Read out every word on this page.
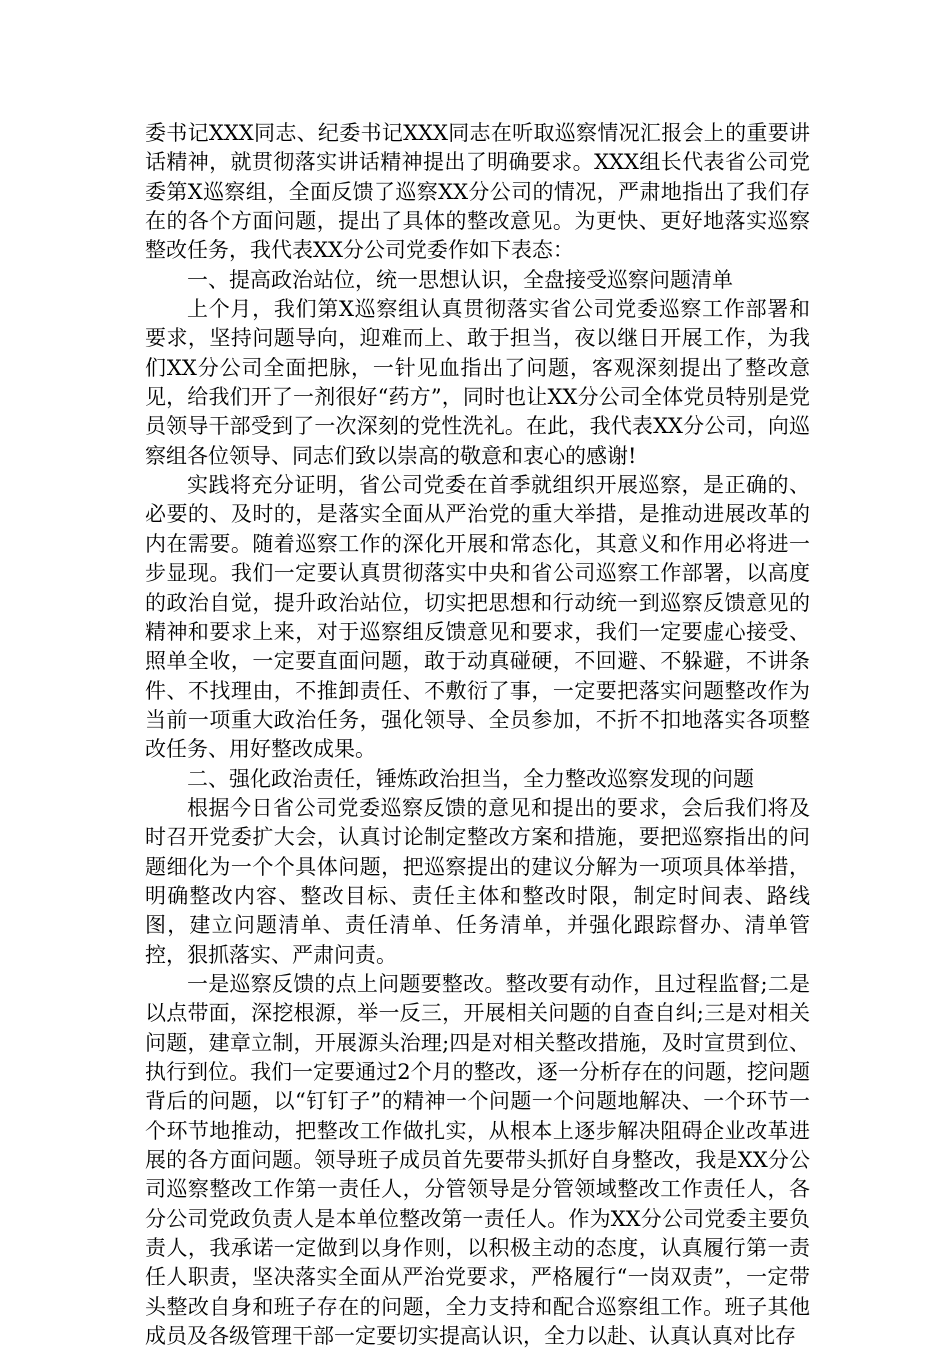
委书记XXX同志、纪委书记XXX同志在听取巡察情况汇报会上的重要讲话精神，就贯彻落实讲话精神提出了明确要求。XXX组长代表省公司党委第X巡察组，全面反馈了巡察XX分公司的情况，严肃地指出了我们存在的各个方面问题，提出了具体的整改意见。为更快、更好地落实巡察整改任务，我代表XX分公司党委作如下表态：

一、提高政治站位，统一思想认识，全盘接受巡察问题清单

上个月，我们第X巡察组认真贯彻落实省公司党委巡察工作部署和要求，坚持问题导向，迎难而上、敢于担当，夜以继日开展工作，为我们XX分公司全面把脉，一针见血指出了问题，客观深刻提出了整改意见，给我们开了一剂很好“药方”，同时也让XX分公司全体党员特别是党员领导干部受到了一次深刻的党性洗礼。在此，我代表XX分公司，向巡察组各位领导、同志们致以崇高的敬意和衷心的感谢!

实践将充分证明，省公司党委在首季就组织开展巡察，是正确的、必要的、及时的，是落实全面从严治党的重大举措，是推动进展改革的内在需要。随着巡察工作的深化开展和常态化，其意义和作用必将进一步显现。我们一定要认真贯彻落实中央和省公司巡察工作部署，以高度的政治自觉，提升政治站位，切实把思想和行动统一到巡察反馈意见的精神和要求上来，对于巡察组反馈意见和要求，我们一定要虚心接受、照单全收，一定要直面问题，敢于动真碰硬，不回避、不躲避，不讲条件、不找理由，不推卸责任、不敷衍了事，一定要把落实问题整改作为当前一项重大政治任务，强化领导、全员参加，不折不扣地落实各项整改任务、用好整改成果。

二、强化政治责任，锤炼政治担当，全力整改巡察发现的问题

根据今日省公司党委巡察反馈的意见和提出的要求，会后我们将及时召开党委扩大会，认真讨论制定整改方案和措施，要把巡察指出的问题细化为一个个具体问题，把巡察提出的建议分解为一项项具体举措，明确整改内容、整改目标、责任主体和整改时限，制定时间表、路线图，建立问题清单、责任清单、任务清单，并强化跟踪督办、清单管控，狠抓落实、严肃问责。

一是巡察反馈的点上问题要整改。整改要有动作，且过程监督;二是以点带面，深挖根源，举一反三，开展相关问题的自查自纠;三是对相关问题，建章立制，开展源头治理;四是对相关整改措施，及时宣贯到位、执行到位。我们一定要通过2个月的整改，逐一分析存在的问题，挖问题背后的问题，以“钉钉子”的精神一个问题一个问题地解决、一个环节一个环节地推动，把整改工作做扎实，从根本上逐步解决阻碍企业改革进展的各方面问题。领导班子成员首先要带头抓好自身整改，我是XX分公司巡察整改工作第一责任人，分管领导是分管领域整改工作责任人，各分公司党政负责人是本单位整改第一责任人。作为XX分公司党委主要负责人，我承诺一定做到以身作则，以积极主动的态度，认真履行第一责任人职责，坚决落实全面从严治党要求，严格履行“一岗双责”，一定带头整改自身和班子存在的问题，全力支持和配合巡察组工作。班子其他成员及各级管理干部一定要切实提高认识，全力以赴、认真认真对比存
